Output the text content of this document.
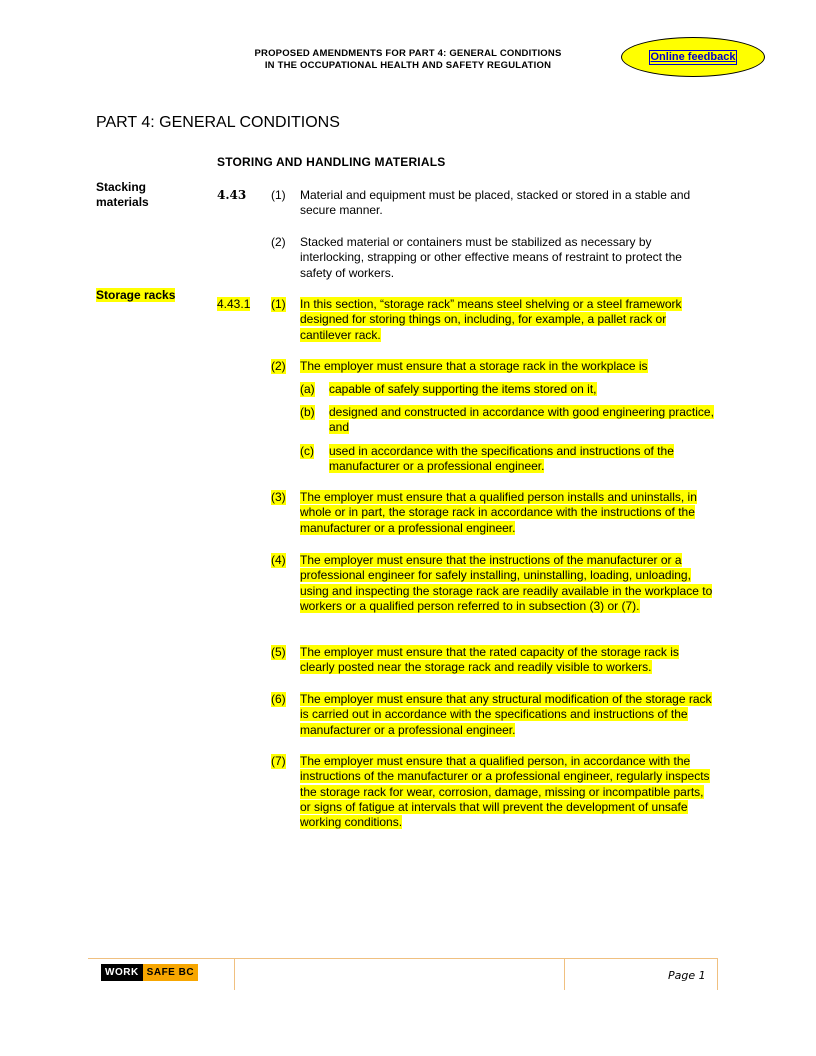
PROPOSED AMENDMENTS FOR PART 4: GENERAL CONDITIONS
IN THE OCCUPATIONAL HEALTH AND SAFETY REGULATION
Online feedback
PART 4: GENERAL CONDITIONS
STORING AND HANDLING MATERIALS
Stacking
materials	4.43 (1) Material and equipment must be placed, stacked or stored in a stable and secure manner.
(2) Stacked material or containers must be stabilized as necessary by interlocking, strapping or other effective means of restraint to protect the safety of workers.
Storage racks
4.43.1 (1) In this section, “storage rack” means steel shelving or a steel framework designed for storing things on, including, for example, a pallet rack or cantilever rack.
(2) The employer must ensure that a storage rack in the workplace is
(a) capable of safely supporting the items stored on it,
(b) designed and constructed in accordance with good engineering practice, and
(c) used in accordance with the specifications and instructions of the manufacturer or a professional engineer.
(3) The employer must ensure that a qualified person installs and uninstalls, in whole or in part, the storage rack in accordance with the instructions of the manufacturer or a professional engineer.
(4) The employer must ensure that the instructions of the manufacturer or a professional engineer for safely installing, uninstalling, loading, unloading, using and inspecting the storage rack are readily available in the workplace to workers or a qualified person referred to in subsection (3) or (7).
(5) The employer must ensure that the rated capacity of the storage rack is clearly posted near the storage rack and readily visible to workers.
(6) The employer must ensure that any structural modification of the storage rack is carried out in accordance with the specifications and instructions of the manufacturer or a professional engineer.
(7) The employer must ensure that a qualified person, in accordance with the instructions of the manufacturer or a professional engineer, regularly inspects the storage rack for wear, corrosion, damage, missing or incompatible parts, or signs of fatigue at intervals that will prevent the development of unsafe working conditions.
WORK SAFE BC	Page 1
